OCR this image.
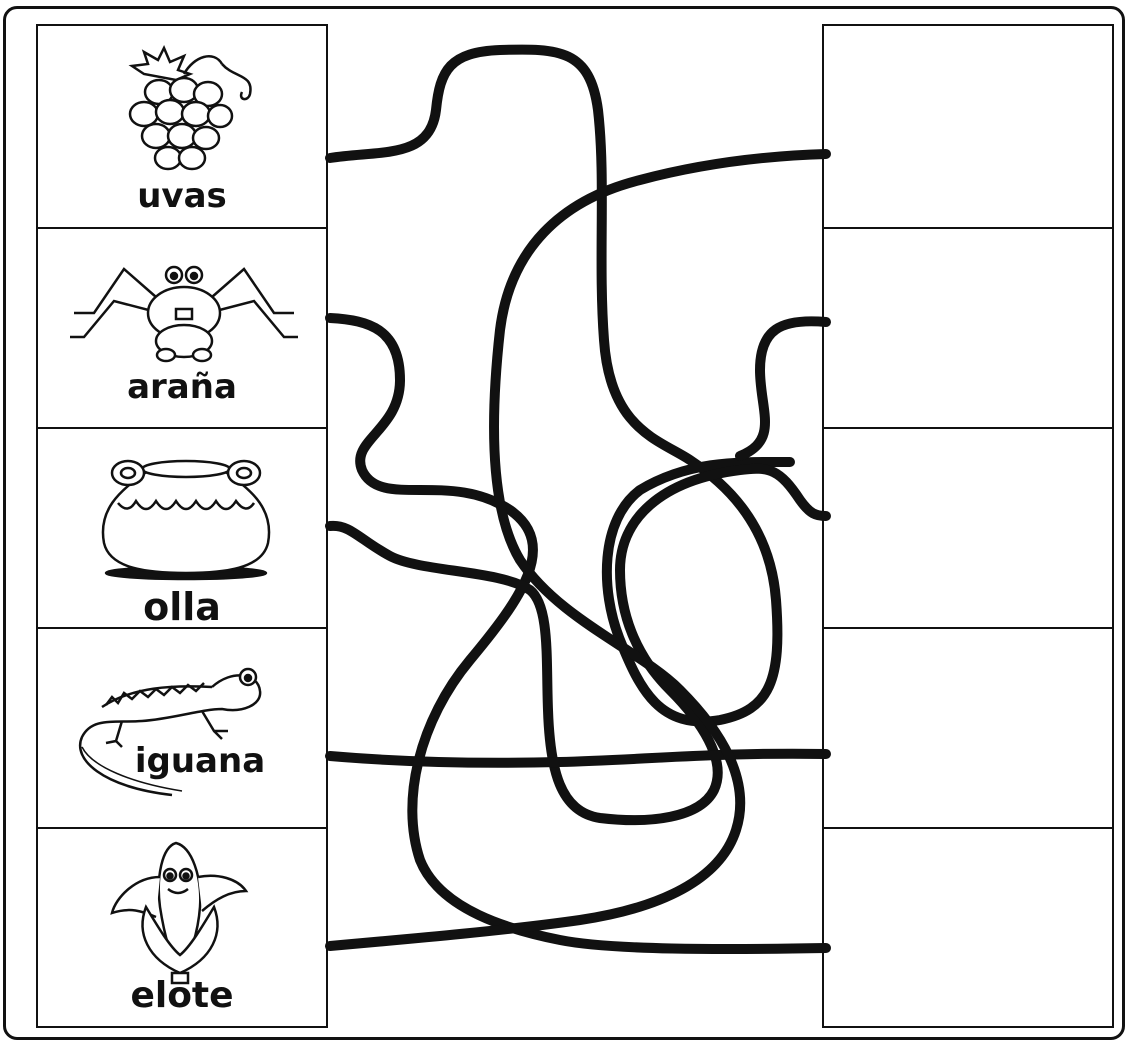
uvas
araña
olla
iguana
elote
